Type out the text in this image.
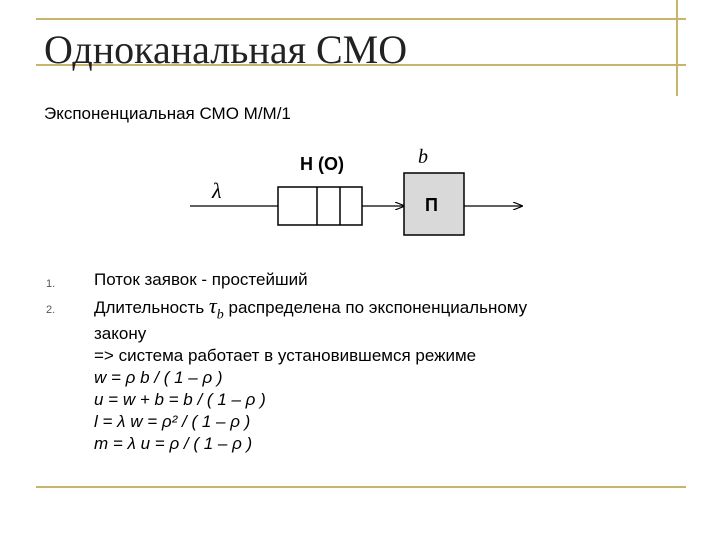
Одноканальная СМО
Экспоненциальная СМО М/М/1
λ
Н (О)	b
П
1. Поток заявок - простейший
2. Длительность $\tau_b$ распределена по экспоненциальному
закону
=> система работает в установившемся режиме
w = ρ b / ( 1 – ρ )
u = w + b = b / ( 1 – ρ )
l = λ w = ρ² / ( 1 – ρ )
m = λ u = ρ / ( 1 – ρ )
